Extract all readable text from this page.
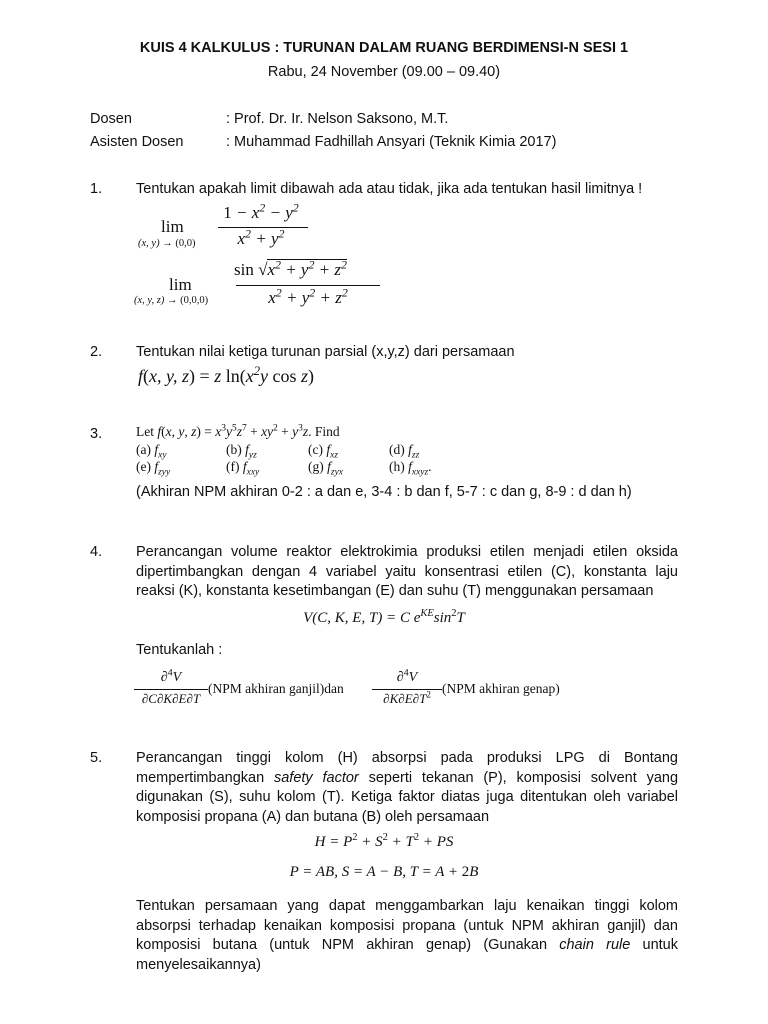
KUIS 4 KALKULUS : TURUNAN DALAM RUANG BERDIMENSI-N SESI 1
Rabu, 24 November (09.00 – 09.40)
Dosen	: Prof. Dr. Ir. Nelson Saksono, M.T.
Asisten Dosen	: Muhammad Fadhillah Ansyari (Teknik Kimia 2017)
1. Tentukan apakah limit dibawah ada atau tidak, jika ada tentukan hasil limitnya !
lim
(x, y) → (0,0)
$1 - x^2 - y^2$
$x^2 + y^2$
lim
(x, y, z) → (0,0,0)
$\sin √x^2 + y^2 + z^2$
$x^2 + y^2 + z^2$
2. Tentukan nilai ketiga turunan parsial (x,y,z) dari persamaan
f(x, y, z) = z $\ln(x^2y$ cos z)
3.	Let f(x, y, $z) = x^3y^5z^7 + xy^2 + y^3z$. Find
(a) $f_{xy}$	(b) $f_{yz}$	(c) $f_{xz}$	(d) $f_{zz}$
(e) $f_{zyy}$	(f) $f_{xxy}$	(g) $f_{zyx}$	(h) $f_{xxyz}$.
(Akhiran NPM akhiran 0-2 : a dan e, 3-4 : b dan f, 5-7 : c dan g, 8-9 : d dan h)
4. Perancangan volume reaktor elektrokimia produksi etilen menjadi etilen oksida dipertimbangkan dengan 4 variabel yaitu konsentrasi etilen (C), konstanta laju reaksi (K), konstanta kesetimbangan (E) dan suhu (T) menggunakan persamaan
V(C, K, E, T) = C $e^{KE}\sin^2T$
Tentukanlah :
∂$^4$V
∂C∂K∂E∂T
(NPM akhiran ganjil)dan
∂$^4$V
$\partial K\partial E\partial T^2$ (NPM akhiran genap)
5. Perancangan tinggi kolom (H) absorpsi pada produksi LPG di Bontang mempertimbangkan safety factor seperti tekanan (P), komposisi solvent yang digunakan (S), suhu kolom (T). Ketiga faktor diatas juga ditentukan oleh variabel komposisi propana (A) dan butana (B) oleh persamaan
$H = P^2 + S^2 + T^2$ + PS
P = AB, S = A − B, T = A + 2B
Tentukan persamaan yang dapat menggambarkan laju kenaikan tinggi kolom absorpsi terhadap kenaikan komposisi propana (untuk NPM akhiran ganjil) dan komposisi butana (untuk NPM akhiran genap) (Gunakan chain rule untuk menyelesaikannya)
